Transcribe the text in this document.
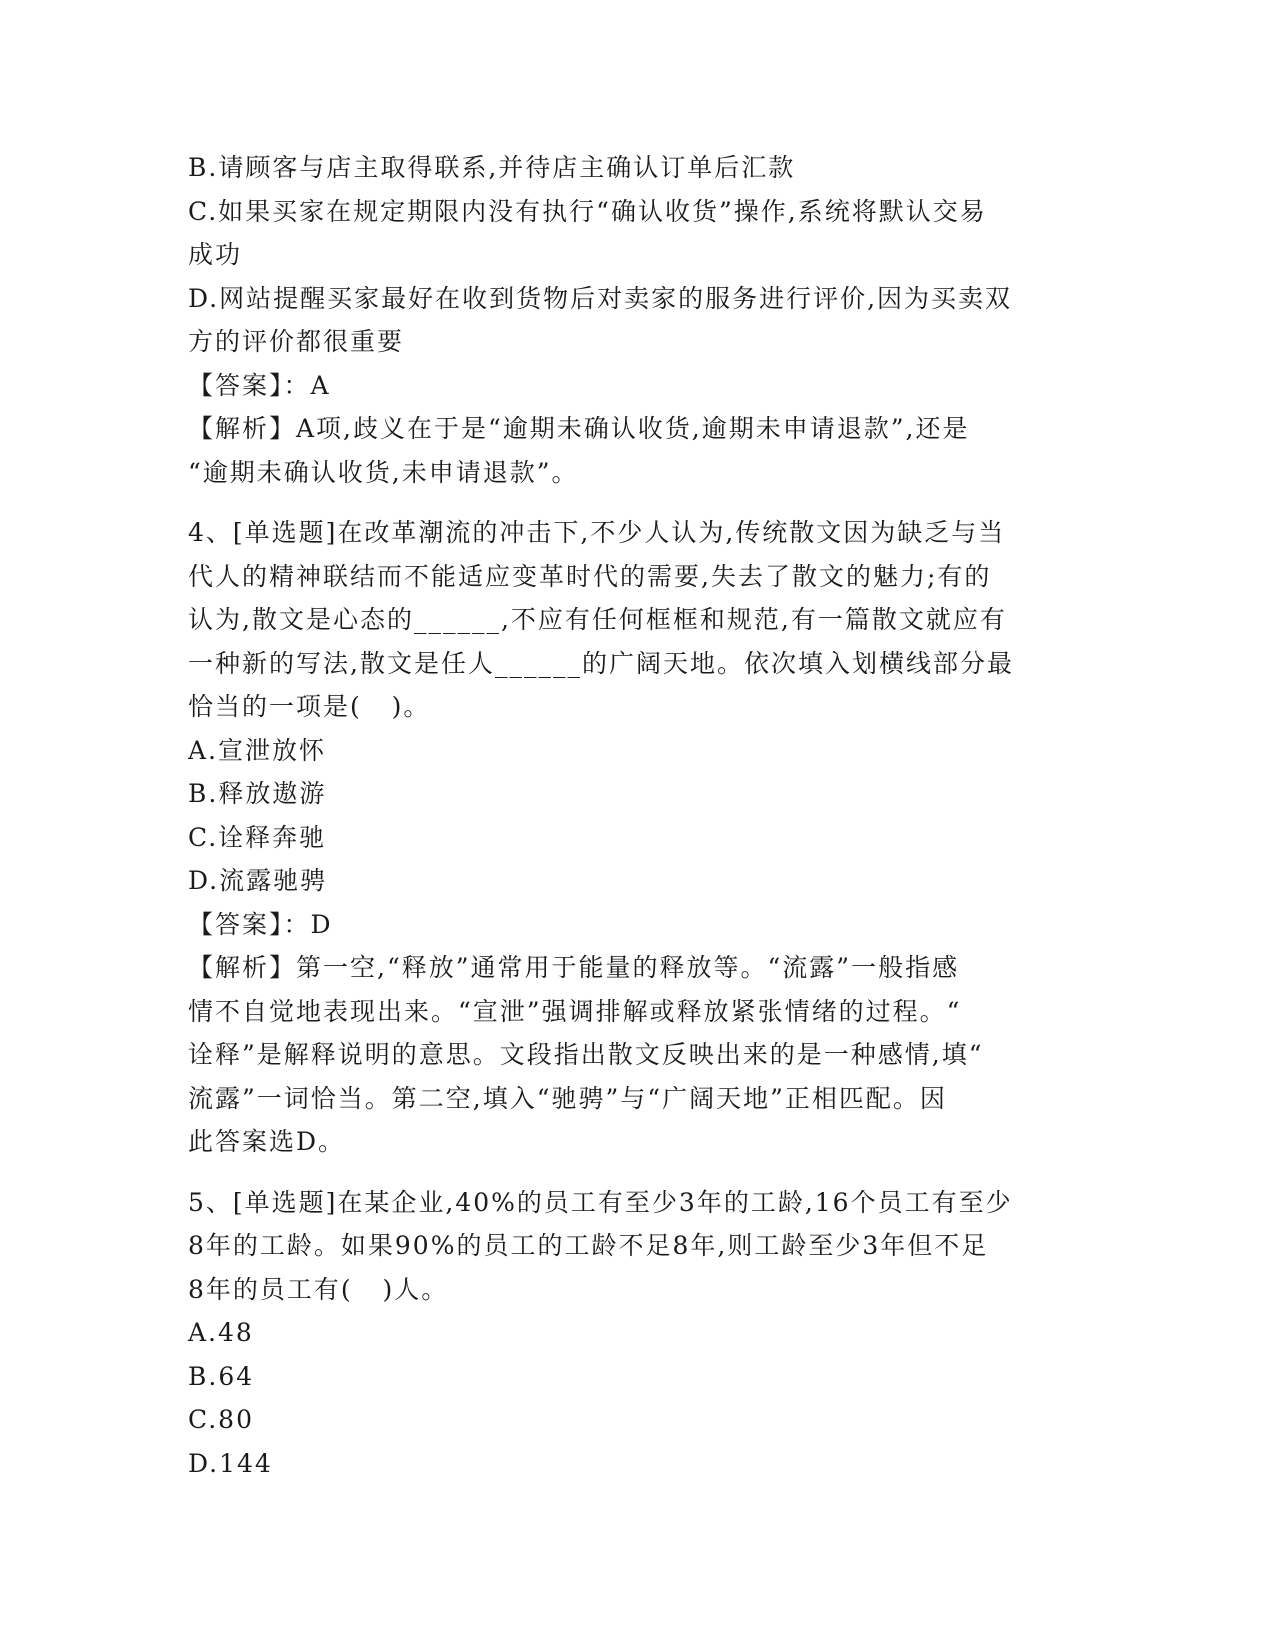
B.请顾客与店主取得联系,并待店主确认订单后汇款
C.如果买家在规定期限内没有执行“确认收货”操作,系统将默认交易
成功
D.网站提醒买家最好在收到货物后对卖家的服务进行评价,因为买卖双
方的评价都很重要
【答案】：A
【解析】A项,歧义在于是“逾期未确认收货,逾期未申请退款”,还是
“逾期未确认收货,未申请退款”。
4、[单选题]在改革潮流的冲击下,不少人认为,传统散文因为缺乏与当
代人的精神联结而不能适应变革时代的需要,失去了散文的魅力;有的
认为,散文是心态的______,不应有任何框框和规范,有一篇散文就应有
一种新的写法,散文是任人______的广阔天地。依次填入划横线部分最
恰当的一项是(   )。
A.宣泄放怀
B.释放遨游
C.诠释奔驰
D.流露驰骋
【答案】：D
【解析】第一空,“释放”通常用于能量的释放等。“流露”一般指感
情不自觉地表现出来。“宣泄”强调排解或释放紧张情绪的过程。“
诠释”是解释说明的意思。文段指出散文反映出来的是一种感情,填“
流露”一词恰当。第二空,填入“驰骋”与“广阔天地”正相匹配。因
此答案选D。
5、[单选题]在某企业,40%的员工有至少3年的工龄,16个员工有至少
8年的工龄。如果90%的员工的工龄不足8年,则工龄至少3年但不足
8年的员工有(   )人。
A.48
B.64
C.80
D.144
